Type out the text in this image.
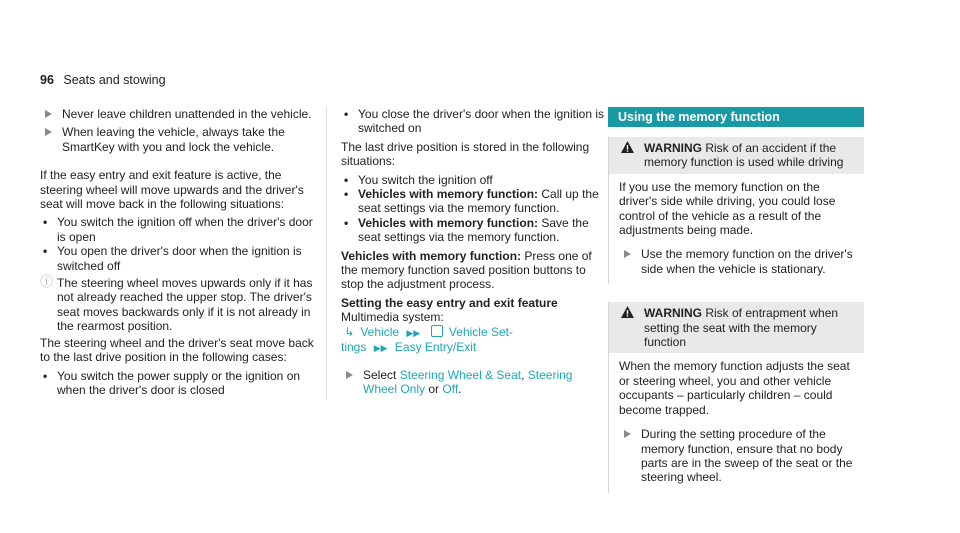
96 Seats and stowing
Never leave children unattended in the vehicle.
When leaving the vehicle, always take the SmartKey with you and lock the vehicle.

If the easy entry and exit feature is active, the steering wheel will move upwards and the driver's seat will move back in the following situations:

• You switch the ignition off when the driver's door is open
• You open the driver's door when the ignition is switched off
ⓘ The steering wheel moves upwards only if it has not already reached the upper stop. The driver's seat moves backwards only if it is not already in the rearmost position.

The steering wheel and the driver's seat move back to the last drive position in the following cases:

• You switch the power supply or the ignition on when the driver's door is closed
• You close the driver's door when the ignition is switched on

The last drive position is stored in the following situations:

• You switch the ignition off
• Vehicles with memory function: Call up the seat settings via the memory function.
• Vehicles with memory function: Save the seat settings via the memory function.

Vehicles with memory function: Press one of the memory function saved position buttons to stop the adjustment process.

Setting the easy entry and exit feature
Multimedia system:
↳ Vehicle ▶▶ Vehicle Set-
tings ▶▶ Easy Entry/Exit
Select Steering Wheel & Seat, Steering Wheel Only or Off.
Using the memory function
WARNING Risk of an accident if the memory function is used while driving
If you use the memory function on the driver's side while driving, you could lose control of the vehicle as a result of the adjustments being made.
Use the memory function on the driver's side when the vehicle is stationary.
WARNING Risk of entrapment when setting the seat with the memory function
When the memory function adjusts the seat or steering wheel, you and other vehicle occupants – particularly children – could become trapped.
During the setting procedure of the memory function, ensure that no body parts are in the sweep of the seat or the steering wheel.
